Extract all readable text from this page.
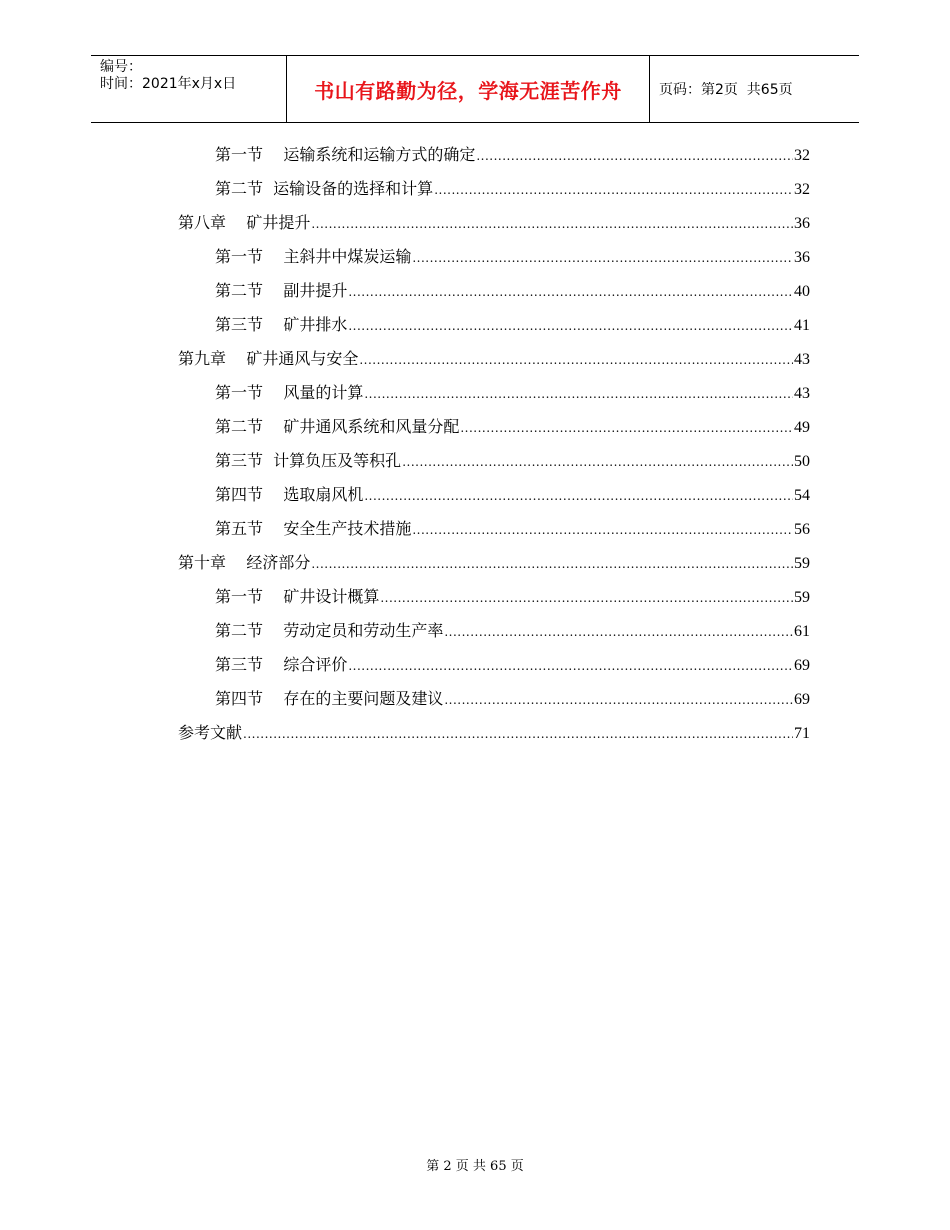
编号：
时间：2021年x月x日	书山有路勤为径，学海无涯苦作舟	页码：第2页  共65页
第一节    运输系统和运输方式的确定 .....	32
第二节  运输设备的选择和计算 .....	32
第八章    矿井提升 .....	36
第一节    主斜井中煤炭运输 .....	36
第二节    副井提升 .....	40
第三节    矿井排水 .....	41
第九章    矿井通风与安全 .....	43
第一节    风量的计算 .....	43
第二节    矿井通风系统和风量分配 .....	49
第三节  计算负压及等积孔 .....	50
第四节    选取扇风机 .....	54
第五节    安全生产技术措施 .....	56
第十章    经济部分 .....	59
第一节    矿井设计概算 .....	59
第二节    劳动定员和劳动生产率 .....	61
第三节    综合评价 .....	69
第四节    存在的主要问题及建议 .....	69
参考文献 .....	71
第 2 页 共 65 页
